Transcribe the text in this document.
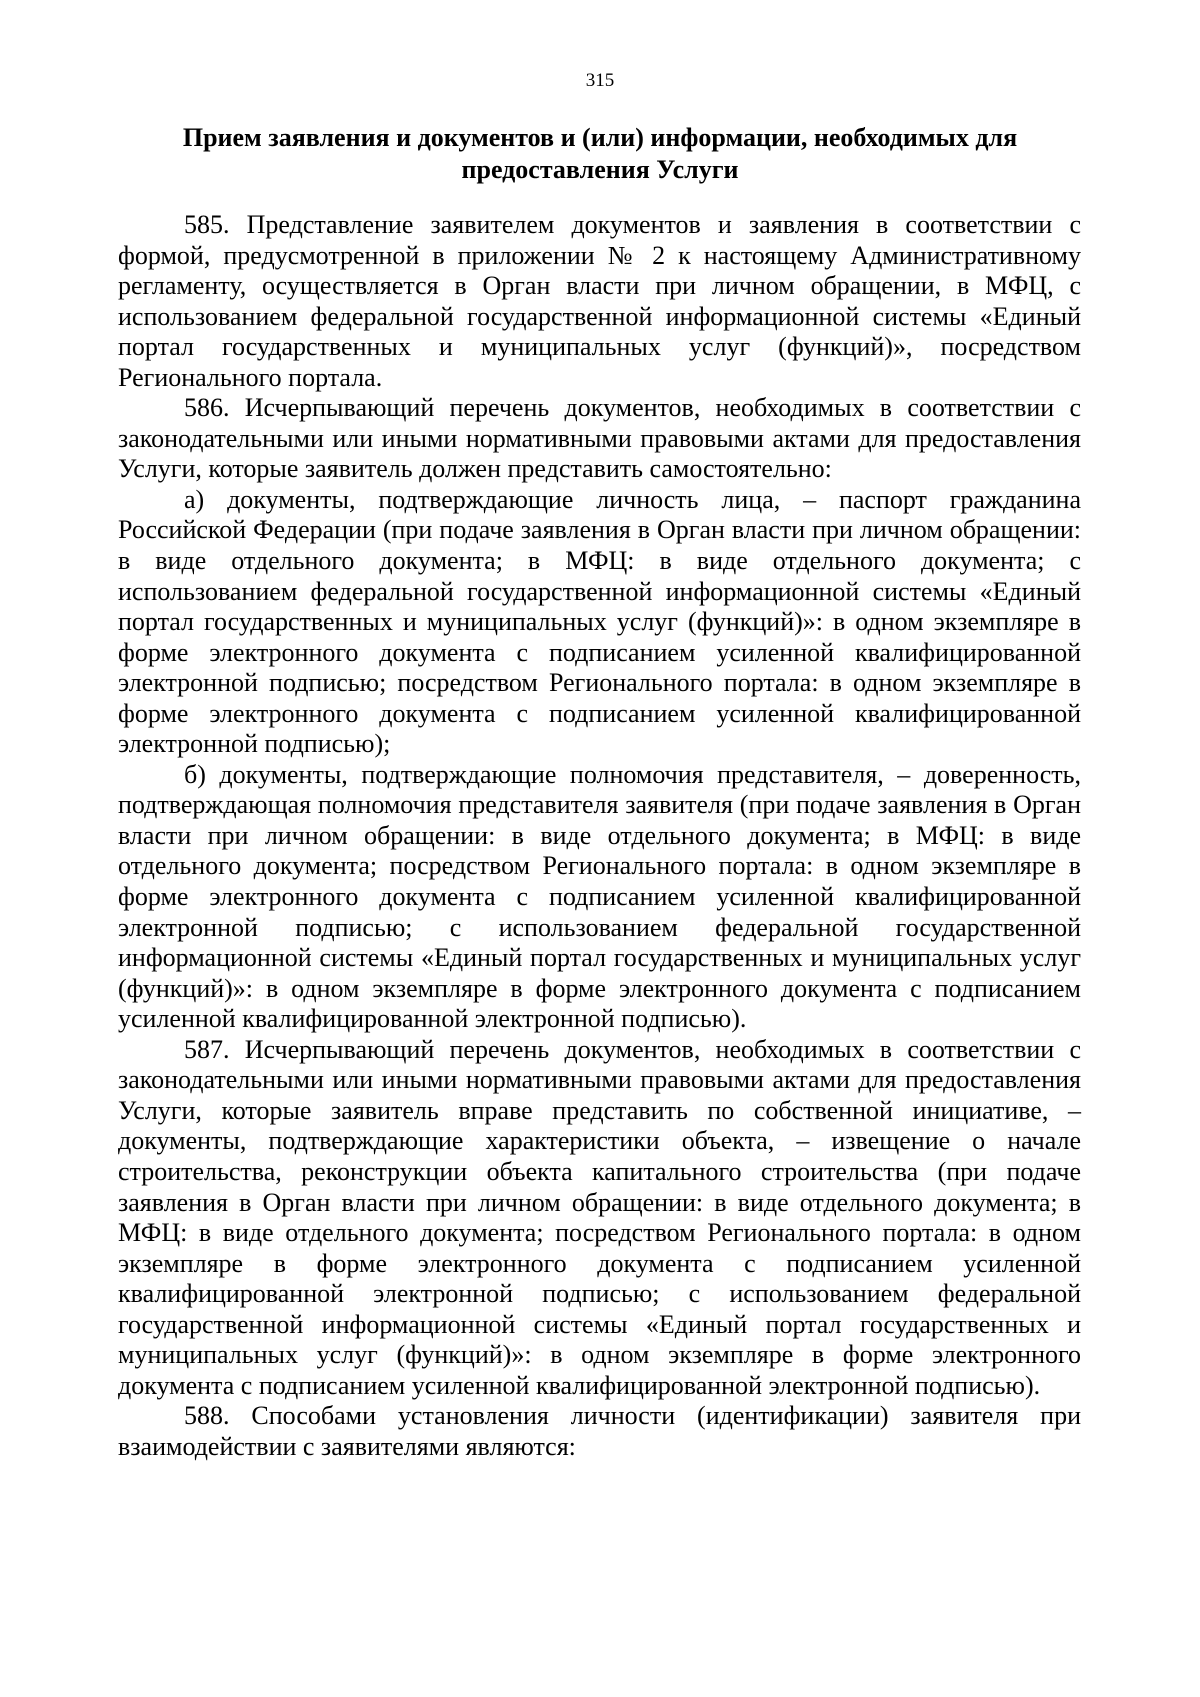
315
Прием заявления и документов и (или) информации, необходимых для предоставления Услуги

585. Представление заявителем документов и заявления в соответствии с формой, предусмотренной в приложении № 2 к настоящему Административному регламенту, осуществляется в Орган власти при личном обращении, в МФЦ, с использованием федеральной государственной информационной системы «Единый портал государственных и муниципальных услуг (функций)», посредством Регионального портала.

586. Исчерпывающий перечень документов, необходимых в соответствии с законодательными или иными нормативными правовыми актами для предоставления Услуги, которые заявитель должен представить самостоятельно:

а) документы, подтверждающие личность лица, – паспорт гражданина Российской Федерации (при подаче заявления в Орган власти при личном обращении: в виде отдельного документа; в МФЦ: в виде отдельного документа; с использованием федеральной государственной информационной системы «Единый портал государственных и муниципальных услуг (функций)»: в одном экземпляре в форме электронного документа с подписанием усиленной квалифицированной электронной подписью; посредством Регионального портала: в одном экземпляре в форме электронного документа с подписанием усиленной квалифицированной электронной подписью);

б) документы, подтверждающие полномочия представителя, – доверенность, подтверждающая полномочия представителя заявителя (при подаче заявления в Орган власти при личном обращении: в виде отдельного документа; в МФЦ: в виде отдельного документа; посредством Регионального портала: в одном экземпляре в форме электронного документа с подписанием усиленной квалифицированной электронной подписью; с использованием федеральной государственной информационной системы «Единый портал государственных и муниципальных услуг (функций)»: в одном экземпляре в форме электронного документа с подписанием усиленной квалифицированной электронной подписью).

587. Исчерпывающий перечень документов, необходимых в соответствии с законодательными или иными нормативными правовыми актами для предоставления Услуги, которые заявитель вправе представить по собственной инициативе, – документы, подтверждающие характеристики объекта, – извещение о начале строительства, реконструкции объекта капитального строительства (при подаче заявления в Орган власти при личном обращении: в виде отдельного документа; в МФЦ: в виде отдельного документа; посредством Регионального портала: в одном экземпляре в форме электронного документа с подписанием усиленной квалифицированной электронной подписью; с использованием федеральной государственной информационной системы «Единый портал государственных и муниципальных услуг (функций)»: в одном экземпляре в форме электронного документа с подписанием усиленной квалифицированной электронной подписью).

588. Способами установления личности (идентификации) заявителя при взаимодействии с заявителями являются:
